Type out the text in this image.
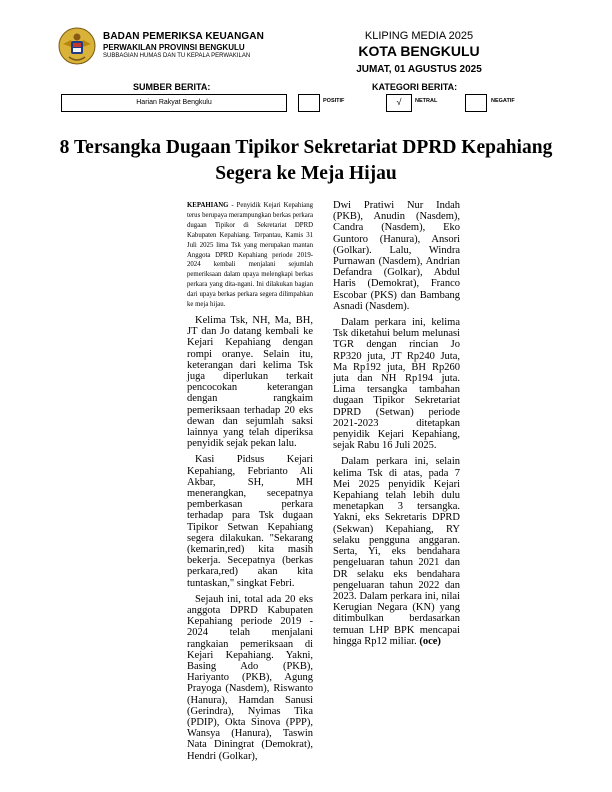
BADAN PEMERIKSA KEUANGAN
PERWAKILAN PROVINSI BENGKULU
SUBBAGIAN HUMAS DAN TU KEPALA PERWAKILAN
KLIPING MEDIA 2025
KOTA BENGKULU
JUMAT, 01 AGUSTUS 2025
SUMBER BERITA:	KATEGORI BERITA:
Harian Rakyat Bengkulu	POSITIF	√	NETRAL	NEGATIF
8 Tersangka Dugaan Tipikor Sekretariat DPRD Kepahiang Segera ke Meja Hijau

KEPAHIANG - Penyidik Kejari Kepahiang terus berupaya merampungkan berkas perkara dugaan Tipikor di Sekretariat DPRD Kabupaten Kepahiang. Terpantau, Kamis 31 Juli 2025 lima Tsk yang merupakan mantan Anggota DPRD Kepahiang periode 2019-2024 kembali menjalani sejumlah pemeriksaan dalam upaya melengkapi berkas perkara yang dita-ngani. Ini dilakukan bagian dari upaya berkas perkara segera dilimpahkan ke meja hijau.

Kelima Tsk, NH, Ma, BH, JT dan Jo datang kembali ke Kejari Kepahiang dengan rompi oranye. Selain itu, keterangan dari kelima Tsk juga diperlukan terkait pencocokan keterangan dengan rangkaim pemeriksaan terhadap 20 eks dewan dan sejumlah saksi lainnya yang telah diperiksa penyidik sejak pekan lalu.

Kasi Pidsus Kejari Kepahiang, Febrianto Ali Akbar, SH, MH menerangkan, secepatnya pemberkasan perkara terhadap para Tsk dugaan Tipikor Setwan Kepahiang segera dilakukan. "Sekarang (kemarin,red) kita masih bekerja. Secepatnya (berkas perkara,red) akan kita tuntaskan," singkat Febri.

Sejauh ini, total ada 20 eks anggota DPRD Kabupaten Kepahiang periode 2019 - 2024 telah menjalani rangkaian pemeriksaan di Kejari Kepahiang. Yakni, Basing Ado (PKB), Hariyanto (PKB), Agung Prayoga (Nasdem), Riswanto (Hanura), Hamdan Sanusi (Gerindra), Nyimas Tika (PDIP), Okta Sinova (PPP), Wansya (Hanura), Taswin Nata Diningrat (Demokrat), Hendri (Golkar),

Dwi Pratiwi Nur Indah (PKB), Anudin (Nasdem), Candra (Nasdem), Eko Guntoro (Hanura), Ansori (Golkar). Lalu, Windra Purnawan (Nasdem), Andrian Defandra (Golkar), Abdul Haris (Demokrat), Franco Escobar (PKS) dan Bambang Asnadi (Nasdem).

Dalam perkara ini, kelima Tsk diketahui belum melunasi TGR dengan rincian Jo RP320 juta, JT Rp240 Juta, Ma Rp192 juta, BH Rp260 juta dan NH Rp194 juta. Lima tersangka tambahan dugaan Tipikor Sekretariat DPRD (Setwan) periode 2021-2023 ditetapkan penyidik Kejari Kepahiang, sejak Rabu 16 Juli 2025.

Dalam perkara ini, selain kelima Tsk di atas, pada 7 Mei 2025 penyidik Kejari Kepahiang telah lebih dulu menetapkan 3 tersangka. Yakni, eks Sekretaris DPRD (Sekwan) Kepahiang, RY selaku pengguna anggaran. Serta, Yi, eks bendahara pengeluaran tahun 2021 dan DR selaku eks bendahara pengeluaran tahun 2022 dan 2023. Dalam perkara ini, nilai Kerugian Negara (KN) yang ditimbulkan berdasarkan temuan LHP BPK mencapai hingga Rp12 miliar. (oce)
